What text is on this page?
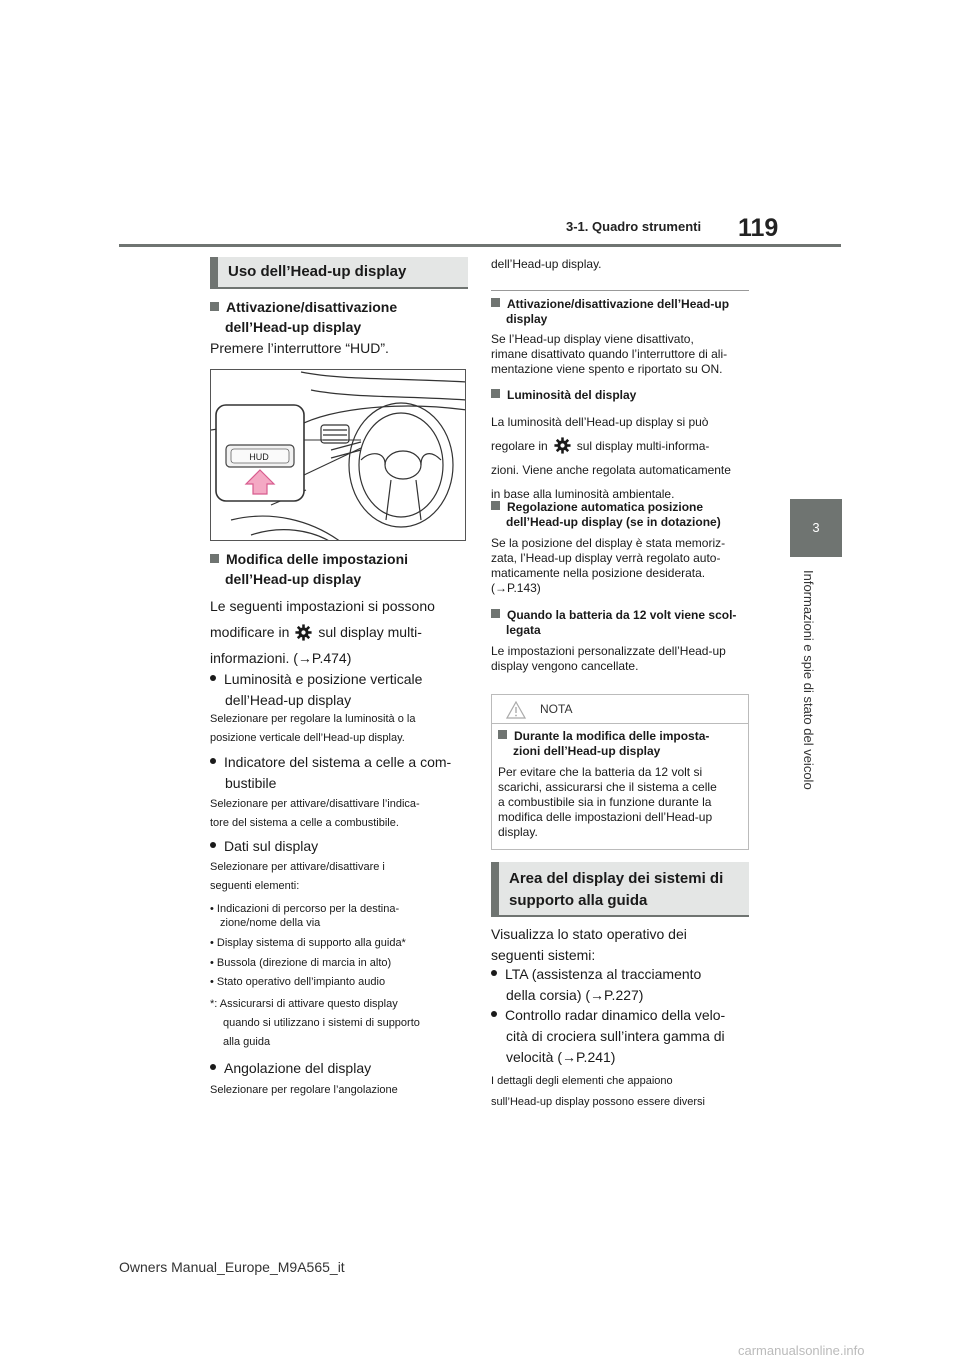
3-1. Quadro strumenti 119
3
Informazioni e spie di stato del veicolo
Uso dell’Head-up display
Attivazione/disattivazione
dell’Head-up display
Premere l’interruttore “HUD”.
HUD
Modifica delle impostazioni
dell’Head-up display
Le seguenti impostazioni si possono
modificare in sul display multi-
informazioni. (→P.474)
Luminosità e posizione verticale
dell’Head-up display
Selezionare per regolare la luminosità o la
posizione verticale dell’Head-up display.
Indicatore del sistema a celle a com-
bustibile
Selezionare per attivare/disattivare l’indica-
tore del sistema a celle a combustibile.
Dati sul display
Selezionare per attivare/disattivare i
seguenti elementi:
• Indicazioni di percorso per la destina-
zione/nome della via
• Display sistema di supporto alla guida*
• Bussola (direzione di marcia in alto)
• Stato operativo dell’impianto audio
*: Assicurarsi di attivare questo display
quando si utilizzano i sistemi di supporto
alla guida
Angolazione del display
Selezionare per regolare l’angolazione
dell’Head-up display.
Attivazione/disattivazione dell’Head-up
display
Se l’Head-up display viene disattivato,
rimane disattivato quando l’interruttore di ali-
mentazione viene spento e riportato su ON.
Luminosità del display
La luminosità dell’Head-up display si può
regolare in sul display multi-informa-
zioni. Viene anche regolata automaticamente
in base alla luminosità ambientale.
Regolazione automatica posizione
dell’Head-up display (se in dotazione)
Se la posizione del display è stata memoriz-
zata, l’Head-up display verrà regolato auto-
maticamente nella posizione desiderata.
(→P.143)
Quando la batteria da 12 volt viene scol-
legata
Le impostazioni personalizzate dell’Head-up
display vengono cancellate.
NOTA
Durante la modifica delle imposta-
zioni dell’Head-up display
Per evitare che la batteria da 12 volt si
scarichi, assicurarsi che il sistema a celle
a combustibile sia in funzione durante la
modifica delle impostazioni dell’Head-up
display.
Area del display dei sistemi di
supporto alla guida
Visualizza lo stato operativo dei
seguenti sistemi:
LTA (assistenza al tracciamento
della corsia) (→P.227)
Controllo radar dinamico della velo-
cità di crociera sull’intera gamma di
velocità (→P.241)
I dettagli degli elementi che appaiono
sull’Head-up display possono essere diversi
Owners Manual_Europe_M9A565_it
carmanualsonline.info
